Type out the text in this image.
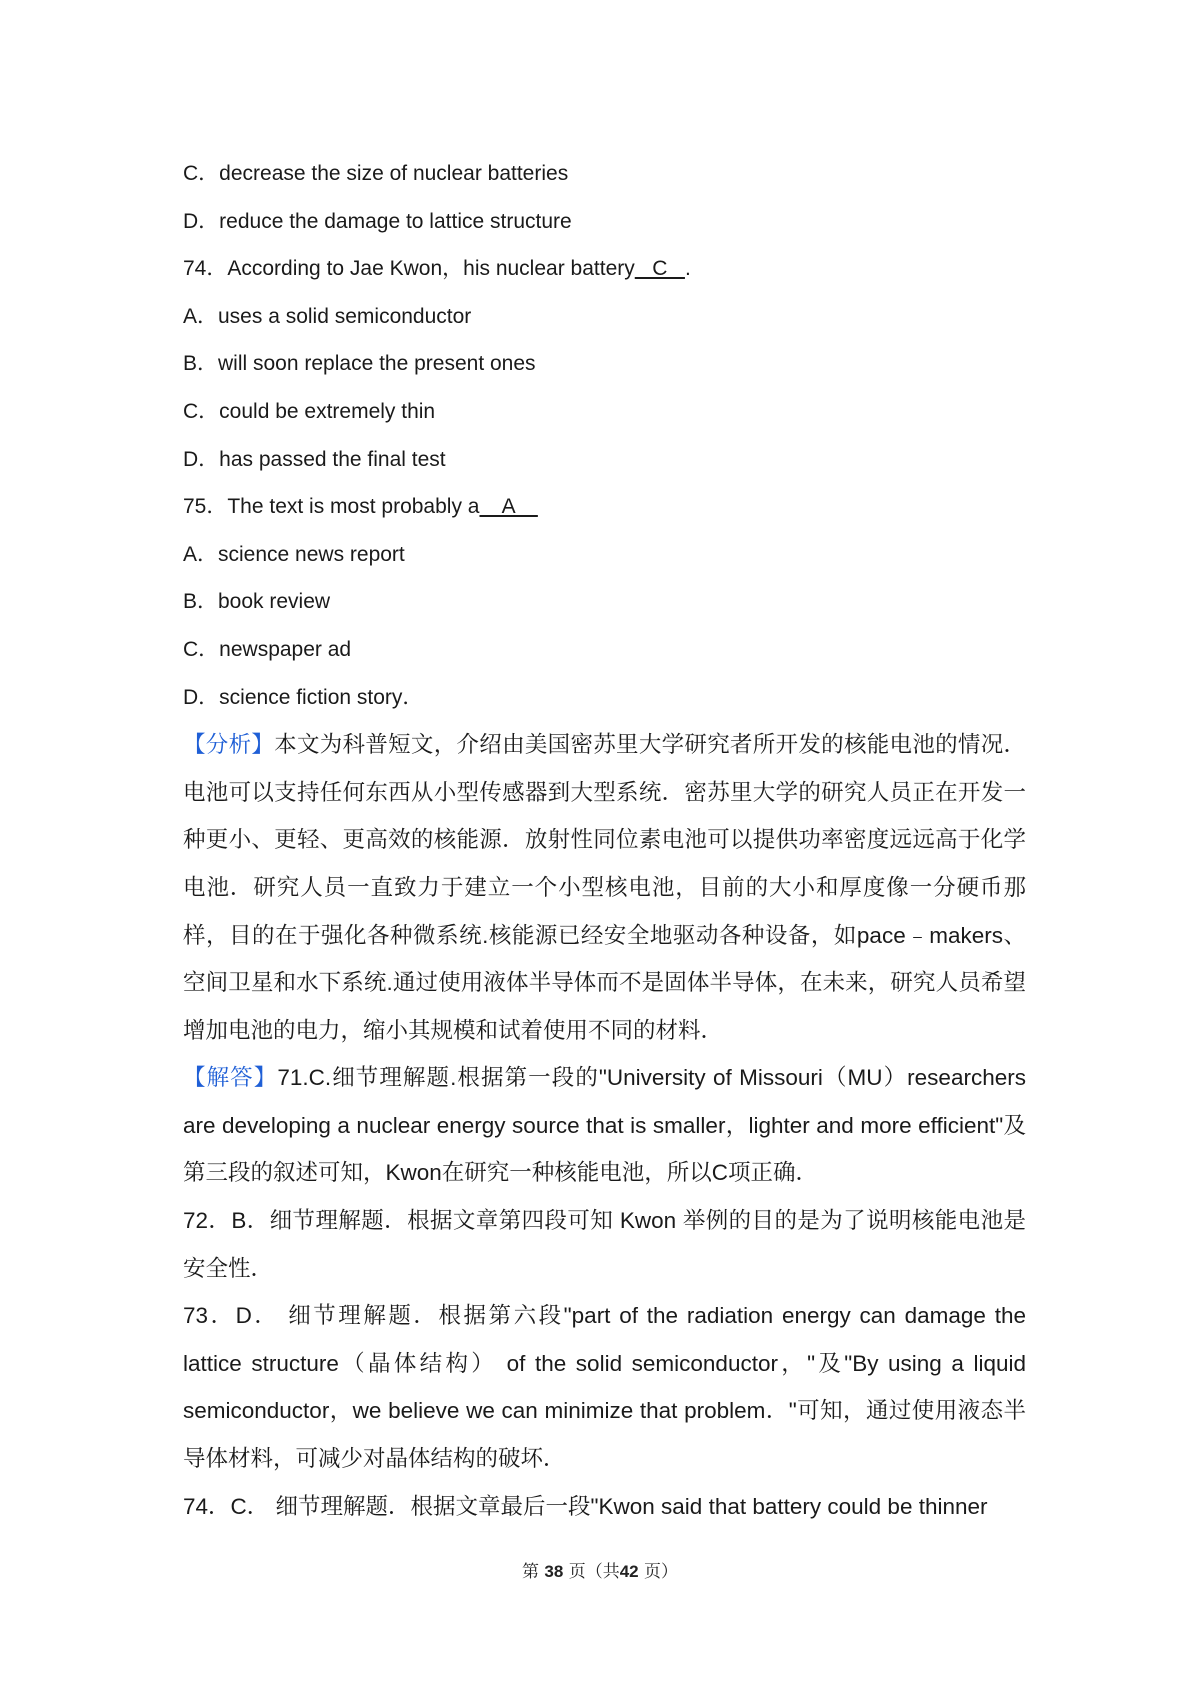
C．decrease the size of nuclear batteries
D．reduce the damage to lattice structure
74．According to Jae Kwon，his nuclear battery   C   .
A．uses a solid semiconductor
B．will soon replace the present ones
C．could be extremely thin
D．has passed the final test
75．The text is most probably a    A
A．science news report
B．book review
C．newspaper ad
D．science fiction story．
【分析】本文为科普短文，介绍由美国密苏里大学研究者所开发的核能电池的情况．电池可以支持任何东西从小型传感器到大型系统．密苏里大学的研究人员正在开发一种更小、更轻、更高效的核能源．放射性同位素电池可以提供功率密度远远高于化学电池．研究人员一直致力于建立一个小型核电池，目前的大小和厚度像一分硬币那样，目的在于强化各种微系统.核能源已经安全地驱动各种设备，如pace﹣makers、空间卫星和水下系统.通过使用液体半导体而不是固体半导体，在未来，研究人员希望增加电池的电力，缩小其规模和试着使用不同的材料．
【解答】71.C.细节理解题.根据第一段的"University of Missouri（MU）researchers are developing a nuclear energy source that is smaller，lighter and more efficient"及第三段的叙述可知，Kwon在研究一种核能电池，所以C项正确．
72．B．细节理解题．根据文章第四段可知 Kwon 举例的目的是为了说明核能电池是安全性．
73．D． 细节理解题．根据第六段"part of the radiation energy can damage the lattice structure（晶体结构） of the solid semiconductor，"及"By using a liquid semiconductor，we believe we can minimize that problem．"可知，通过使用液态半导体材料，可减少对晶体结构的破坏．
74．C． 细节理解题．根据文章最后一段"Kwon said that battery could be thinner
第 38 页（共42 页）
